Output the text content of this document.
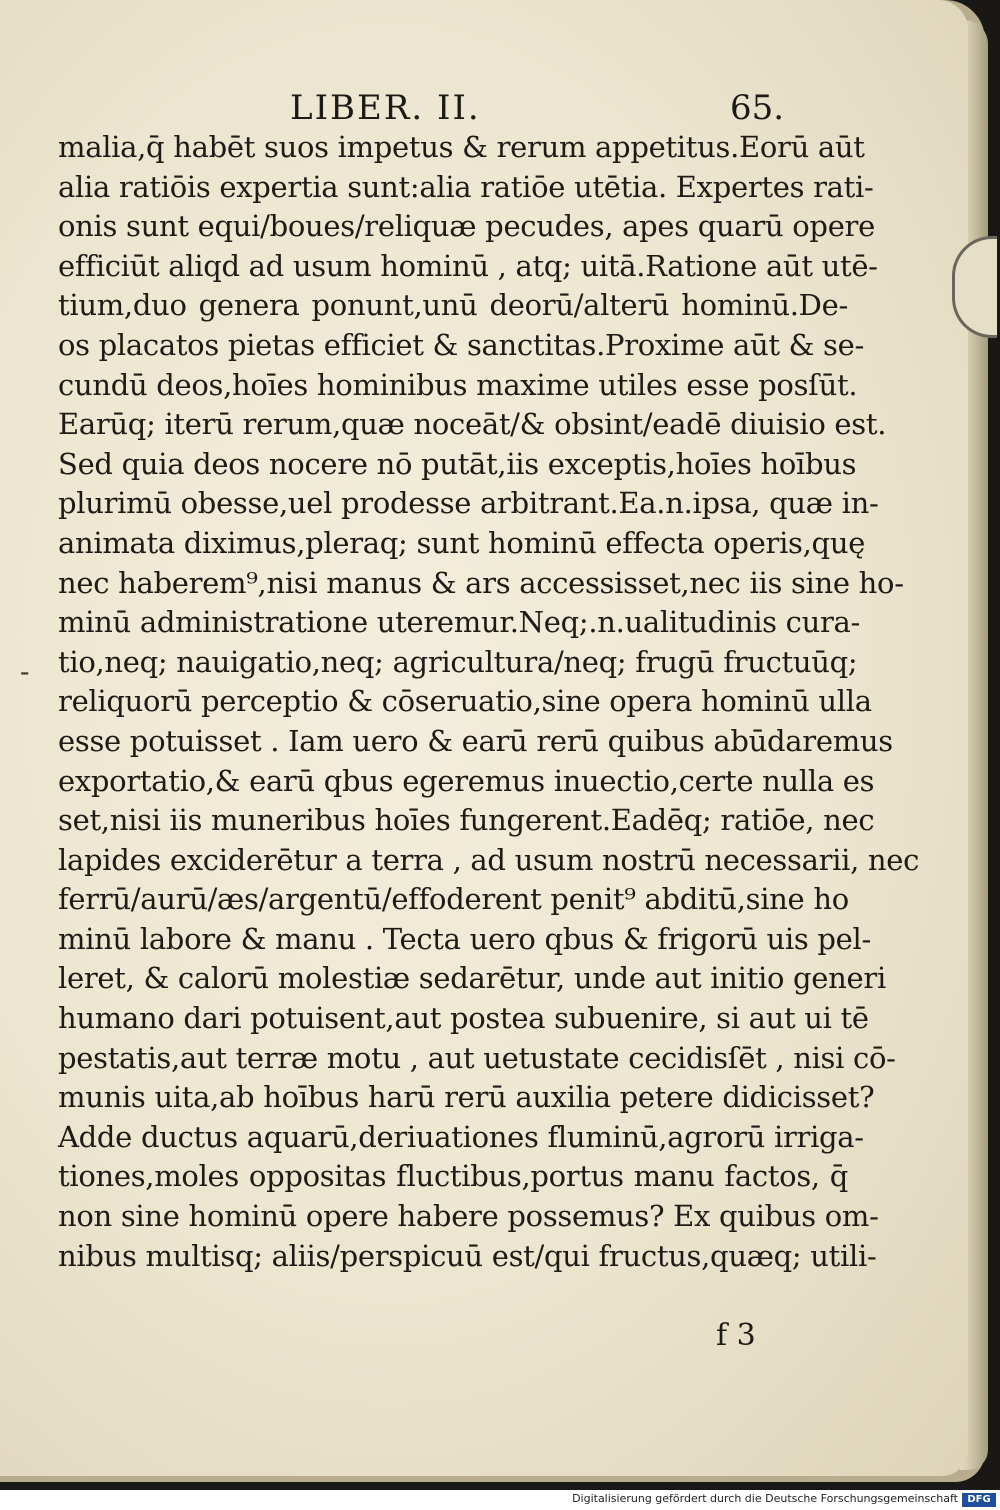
LIBER. II.	65.
-
malia,q̄ habēt suos impetus & rerum appetitus.Eorū aūt
alia ratiōis expertia sunt:alia ratiōe utētia. Expertes rati-
onis sunt equi/boues/reliquæ pecudes, apes quarū opere
efficiūt aliqd ad usum hominū , atq; uitā.Ratione aūt utē-
tium,duo genera ponunt,unū deorū/alterū hominū.De-
os placatos pietas efficiet & sanctitas.Proxime aūt & se-
cundū deos,hoīes hominibus maxime utiles esse posſūt.
Earūq; iterū rerum,quæ noceāt/& obsint/eadē diuisio est.
Sed quia deos nocere nō putāt,iis exceptis,hoīes hoībus
plurimū obesse,uel prodesse arbitrant.Ea.n.ipsa, quæ in-
animata diximus,pleraq; sunt hominū effecta operis,quę
nec haberem⁹,nisi manus & ars accessisset,nec iis sine ho-
minū administratione uteremur.Neq;.n.ualitudinis cura-
tio,neq; nauigatio,neq; agricultura/neq; frugū fructuūq;
reliquorū perceptio & cōseruatio,sine opera hominū ulla
esse potuisset . Iam uero & earū rerū quibus abūdaremus
exportatio,& earū qbus egeremus inuectio,certe nulla es
set,nisi iis muneribus hoīes fungerent.Eadēq; ratiōe, nec
lapides exciderētur a terra , ad usum nostrū necessarii, nec
ferrū/aurū/æs/argentū/effoderent penit⁹ abditū,sine ho
minū labore & manu . Tecta uero qbus & frigorū uis pel-
leret, & calorū molestiæ sedarētur, unde aut initio generi
humano dari potuisent,aut postea subuenire, si aut ui tē
pestatis,aut terræ motu , aut uetustate cecidisſēt , nisi cō-
munis uita,ab hoībus harū rerū auxilia petere didicisset?
Adde ductus aquarū,deriuationes fluminū,agrorū irriga-
tiones,moles oppositas fluctibus,portus manu factos, q̄
non sine hominū opere habere possemus? Ex quibus om-
nibus multisq; aliis/perspicuū est/qui fructus,quæq; utili-
f 3
Digitalisierung gefördert durch die Deutsche Forschungsgemeinschaft DFG
